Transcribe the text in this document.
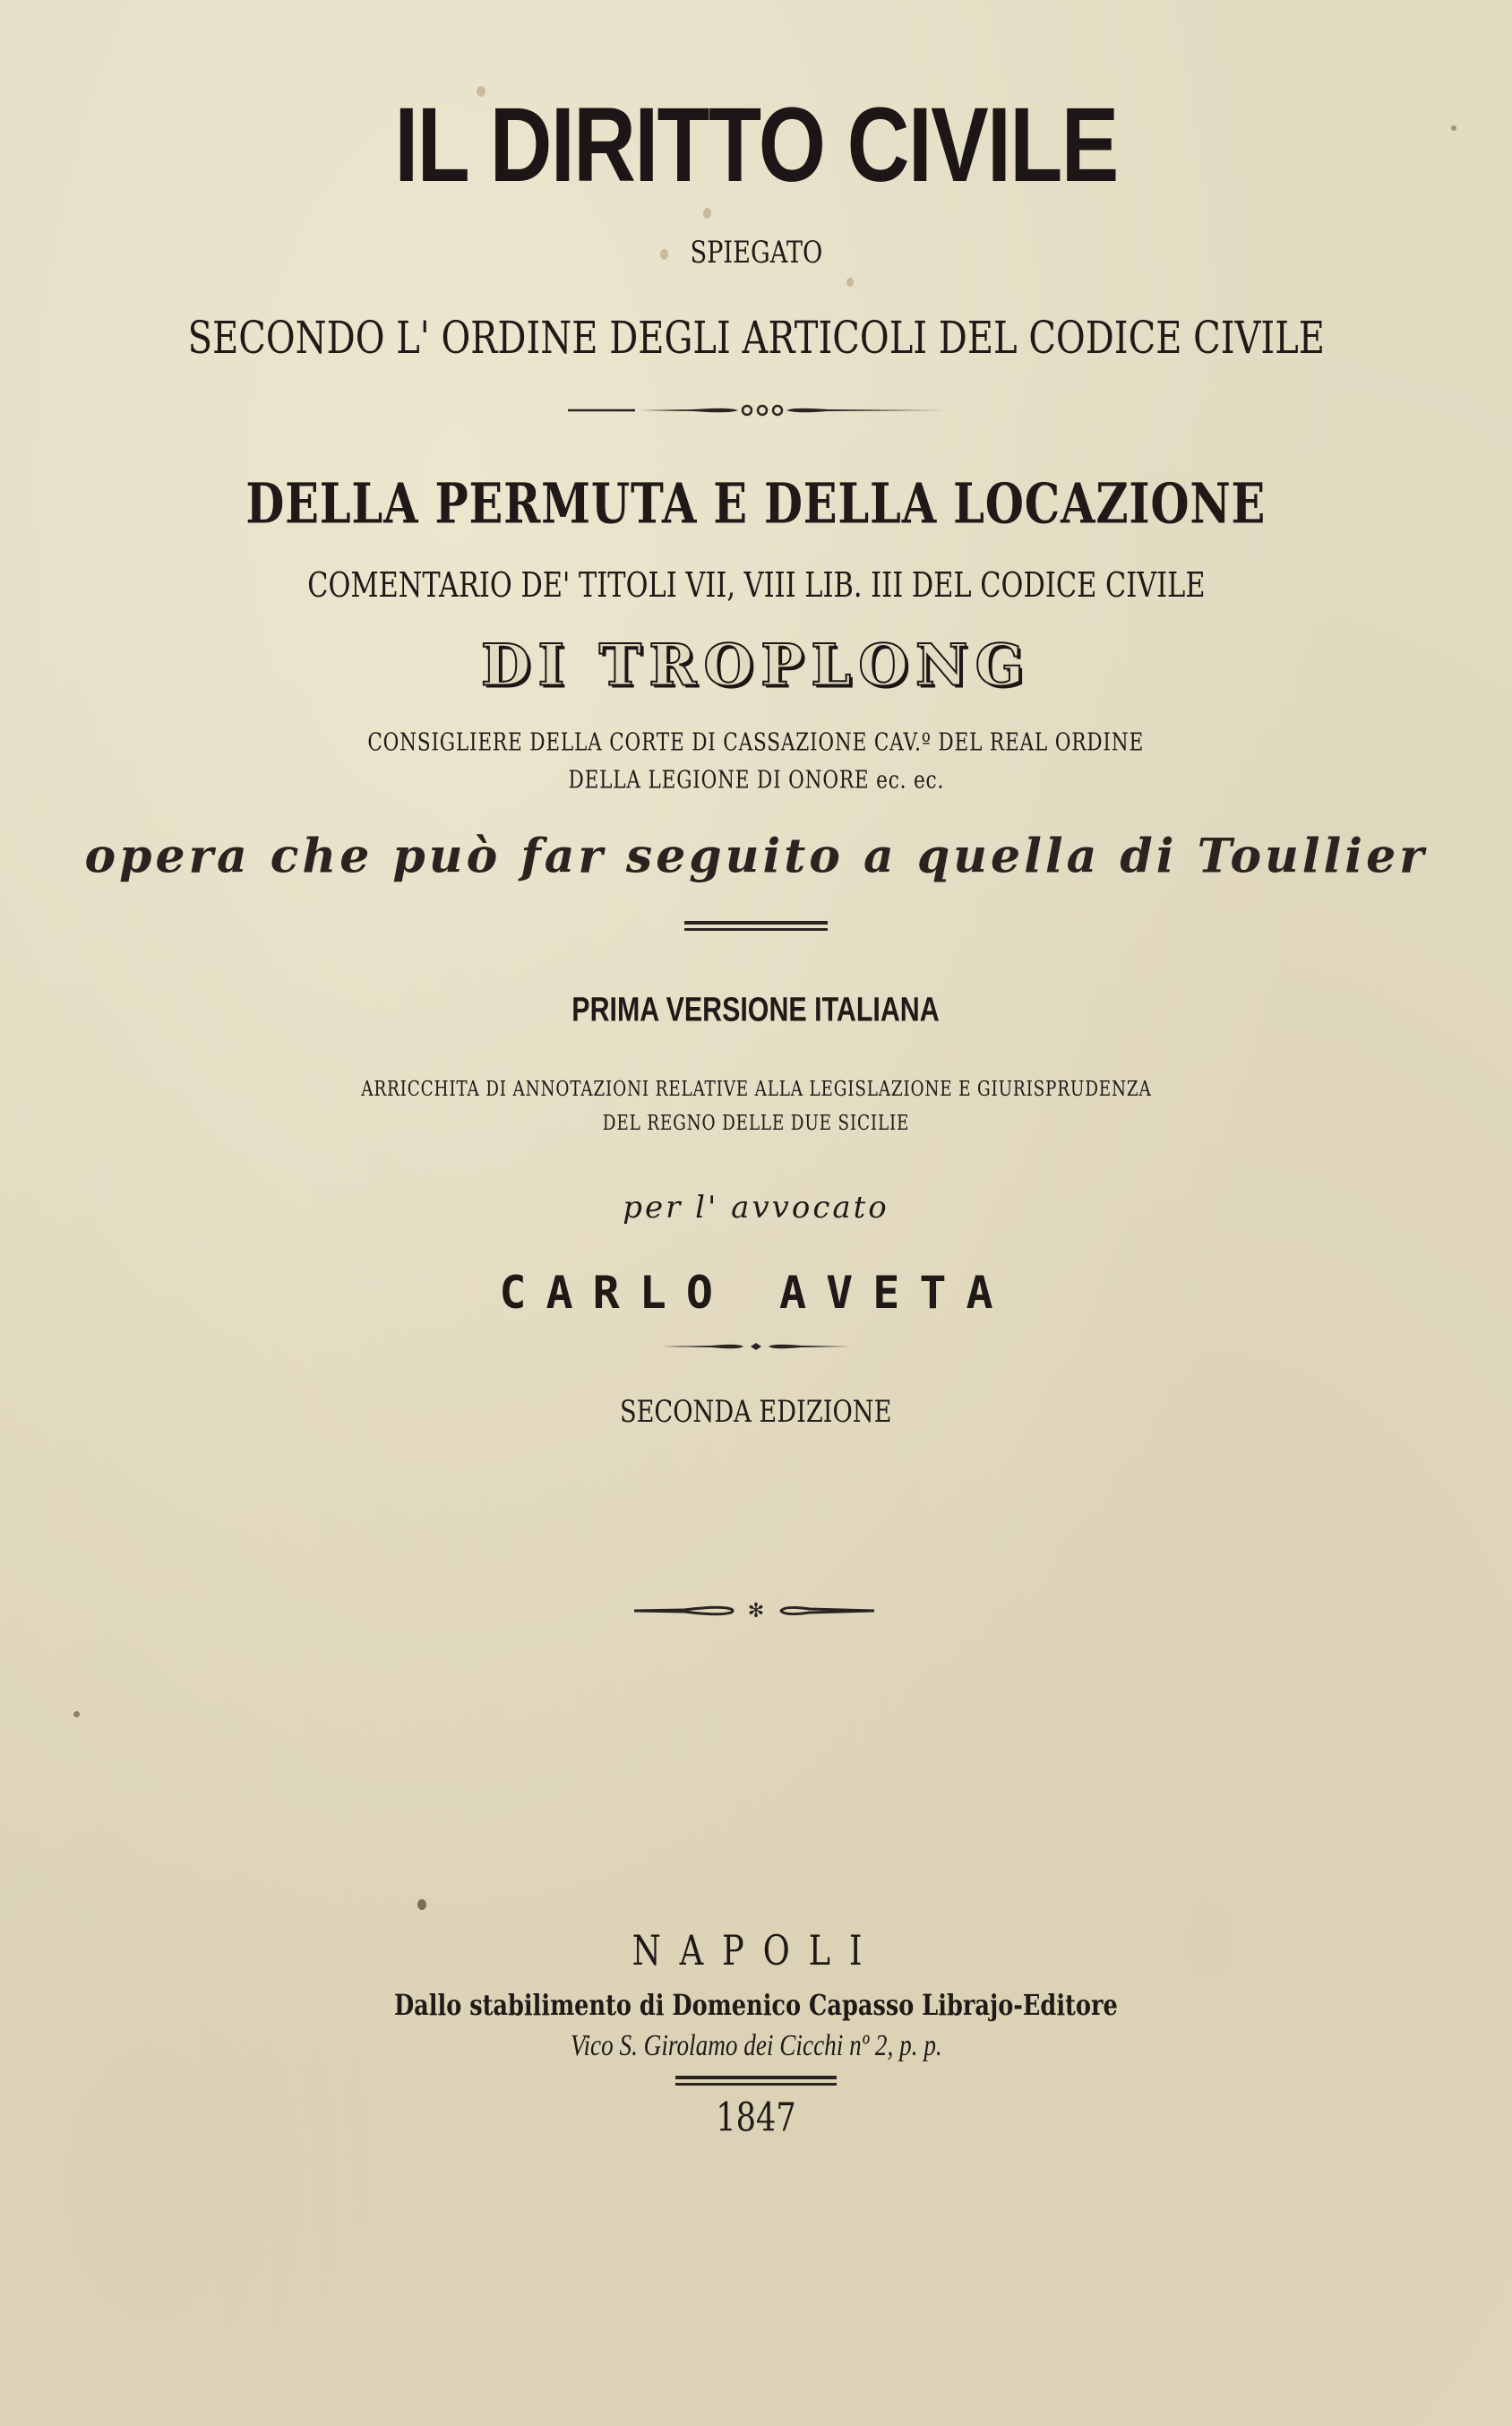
IL DIRITTO CIVILE
SPIEGATO
SECONDO L' ORDINE DEGLI ARTICOLI DEL CODICE CIVILE
DELLA PERMUTA E DELLA LOCAZIONE
COMENTARIO DE' TITOLI VII, VIII LIB. III DEL CODICE CIVILE
DI TROPLONG
CONSIGLIERE DELLA CORTE DI CASSAZIONE CAV.º DEL REAL ORDINE
DELLA LEGIONE DI ONORE ec. ec.
opera che può far seguito a quella di Toullier
PRIMA VERSIONE ITALIANA
ARRICCHITA DI ANNOTAZIONI RELATIVE ALLA LEGISLAZIONE E GIURISPRUDENZA
DEL REGNO DELLE DUE SICILIE
per l' avvocato
CARLO AVETA
SECONDA EDIZIONE
✻
NAPOLI
Dallo stabilimento di Domenico Capasso Librajo-Editore
Vico S. Girolamo dei Cicchi nº 2, p. p.
1847
